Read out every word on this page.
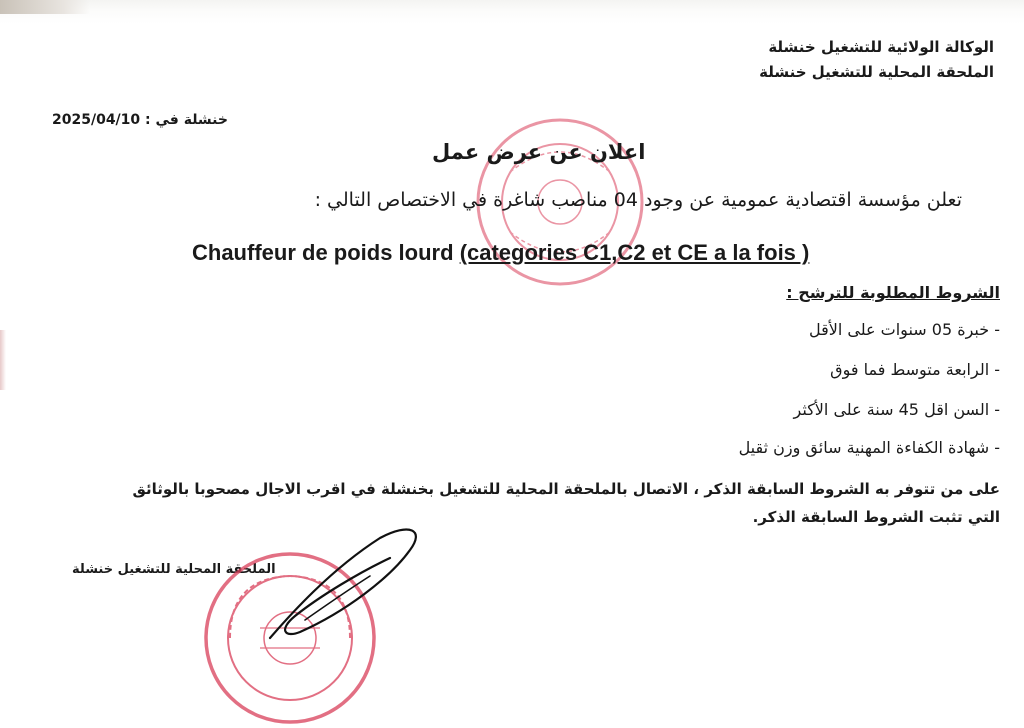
الوكالة الولائية للتشغيل خنشلة
الملحقة المحلية للتشغيل خنشلة
2025/04/10 خنشلة في :
اعلان عن عرض عمل
تعلن مؤسسة اقتصادية عمومية عن وجود 04 مناصب شاغرة في الاختصاص التالي :
Chauffeur de poids lourd (categories C1,C2 et CE a la fois )
الشروط المطلوبة للترشح :
- خبرة 05 سنوات على الأقل
- الرابعة متوسط فما فوق
- السن اقل 45 سنة على الأكثر
- شهادة الكفاءة المهنية سائق وزن ثقيل
على من تتوفر به الشروط السابقة الذكر ، الاتصال بالملحقة المحلية للتشغيل بخنشلة في اقرب الاجال مصحوبا بالوثائق
التي تثبت الشروط السابقة الذكر.
الملحقة المحلية للتشغيل خنشلة
